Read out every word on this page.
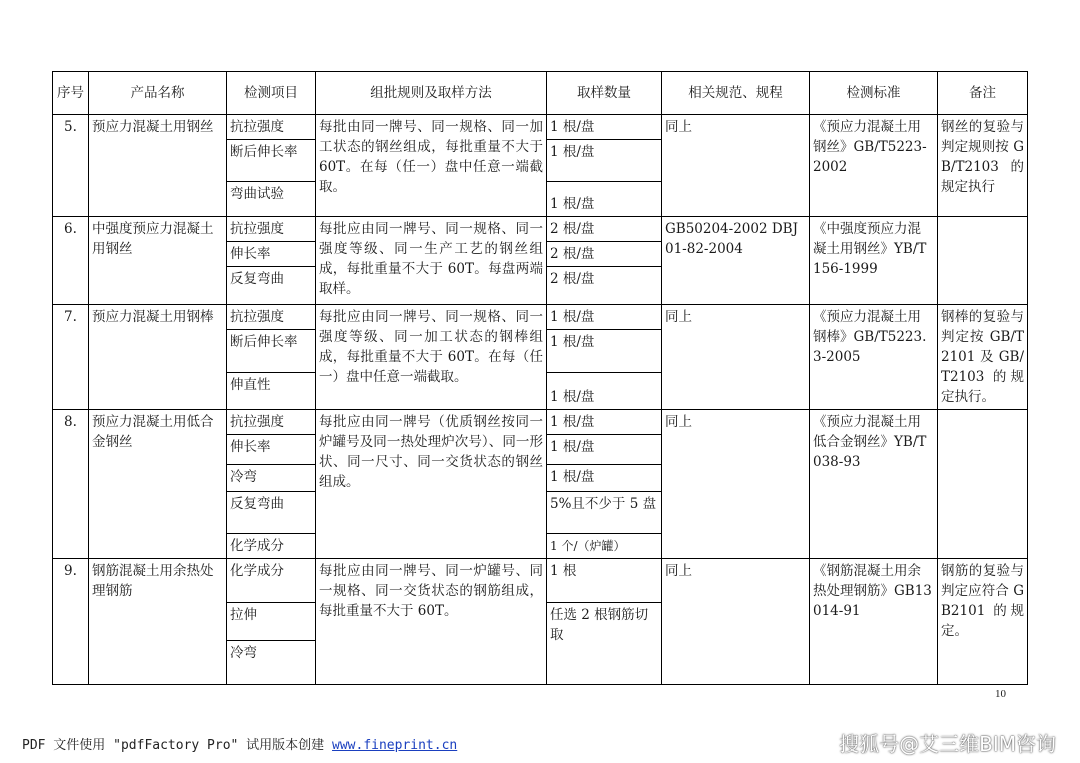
序号	产品名称	检测项目	组批规则及取样方法	取样数量	相关规范、规程	检测标准	备注
5.	预应力混凝土用钢丝	抗拉强度	每批由同一牌号、同一规格、同一加工状态的钢丝组成，每批重量不大于 60T。在每（任一）盘中任意一端截取。	1 根/盘	同上	《预应力混凝土用钢丝》GB/T5223-2002	钢丝的复验与判定规则按 GB/T2103 的规定执行
		断后伸长率		1 根/盘			
		弯曲试验		1 根/盘			
6.	中强度预应力混凝土用钢丝	抗拉强度	每批应由同一牌号、同一规格、同一强度等级、同一生产工艺的钢丝组成，每批重量不大于 60T。每盘两端取样。	2 根/盘	GB50204-2002 DBJ01-82-2004	《中强度预应力混凝土用钢丝》YB/T156-1999	
		伸长率		2 根/盘			
		反复弯曲		2 根/盘			
7.	预应力混凝土用钢棒	抗拉强度	每批应由同一牌号、同一规格、同一强度等级、同一加工状态的钢棒组成，每批重量不大于 60T。在每（任一）盘中任意一端截取。	1 根/盘	同上	《预应力混凝土用钢棒》GB/T5223.3-2005	钢棒的复验与判定按 GB/T2101 及 GB/T2103 的规定执行。
		断后伸长率		1 根/盘			
		伸直性		1 根/盘			
8.	预应力混凝土用低合金钢丝	抗拉强度	每批应由同一牌号（优质钢丝按同一炉罐号及同一热处理炉次号）、同一形状、同一尺寸、同一交货状态的钢丝组成。	1 根/盘	同上	《预应力混凝土用低合金钢丝》YB/T038-93	
		伸长率		1 根/盘			
		冷弯		1 根/盘			
		反复弯曲		5%且不少于 5 盘			
		化学成分		1 个/（炉罐）			
9.	钢筋混凝土用余热处理钢筋	化学成分	每批应由同一牌号、同一炉罐号、同一规格、同一交货状态的钢筋组成，每批重量不大于 60T。	1 根	同上	《钢筋混凝土用余热处理钢筋》GB13014-91	钢筋的复验与判定应符合 GB2101 的规定。
		拉伸		任选 2 根钢筋切取			
		冷弯					
10
PDF 文件使用 "pdfFactory Pro" 试用版本创建 www.fineprint.cn	搜狐号@艾三维BIM咨询
